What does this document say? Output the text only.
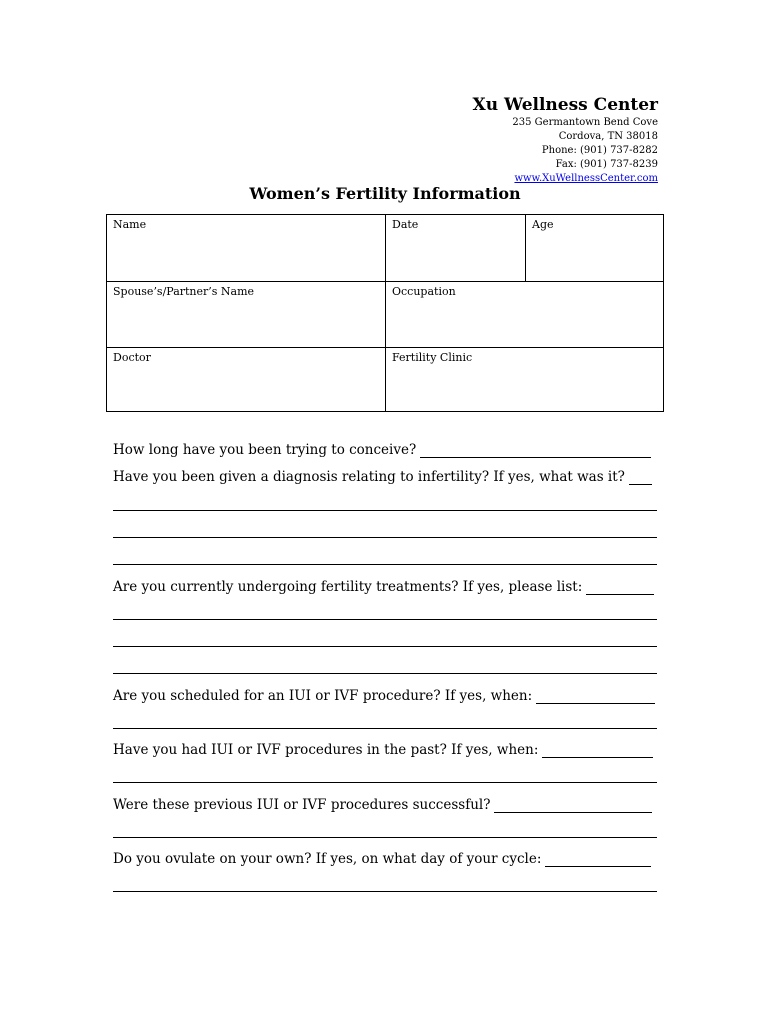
Xu Wellness Center
235 Germantown Bend Cove
Cordova, TN 38018
Phone: (901) 737-8282
Fax: (901) 737-8239
www.XuWellnessCenter.com
Women’s Fertility Information
Name	Date	Age
Spouse’s/Partner’s Name	Occupation
Doctor	Fertility Clinic
How long have you been trying to conceive?
Have you been given a diagnosis relating to infertility? If yes, what was it?
Are you currently undergoing fertility treatments? If yes, please list:
Are you scheduled for an IUI or IVF procedure? If yes, when:
Have you had IUI or IVF procedures in the past? If yes, when:
Were these previous IUI or IVF procedures successful?
Do you ovulate on your own? If yes, on what day of your cycle:
